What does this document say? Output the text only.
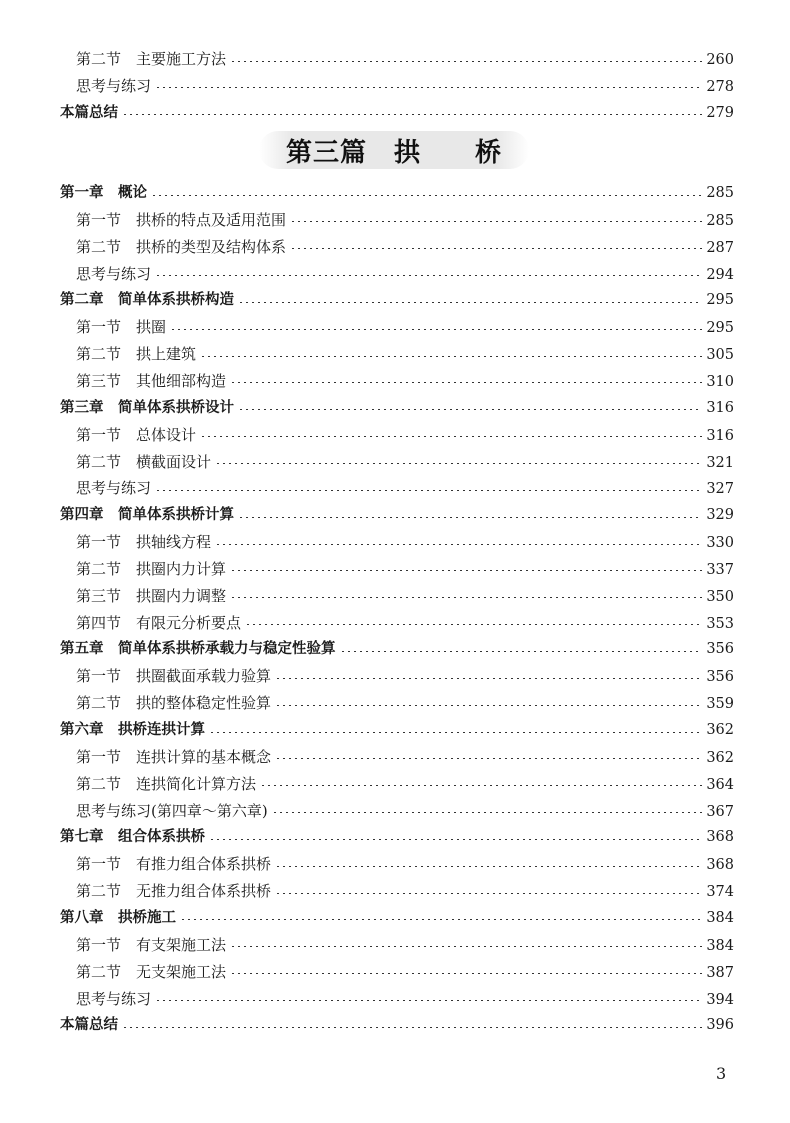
第二节　主要施工方法	260
思考与练习	278
本篇总结	279
第一章　概论	285
第一节　拱桥的特点及适用范围	285
第二节　拱桥的类型及结构体系	287
思考与练习	294
第二章　简单体系拱桥构造	295
第一节　拱圈	295
第二节　拱上建筑	305
第三节　其他细部构造	310
第三章　简单体系拱桥设计	316
第一节　总体设计	316
第二节　横截面设计	321
思考与练习	327
第四章　简单体系拱桥计算	329
第一节　拱轴线方程	330
第二节　拱圈内力计算	337
第三节　拱圈内力调整	350
第四节　有限元分析要点	353
第五章　简单体系拱桥承载力与稳定性验算	356
第一节　拱圈截面承载力验算	356
第二节　拱的整体稳定性验算	359
第六章　拱桥连拱计算	362
第一节　连拱计算的基本概念	362
第二节　连拱简化计算方法	364
思考与练习(第四章～第六章)	367
第七章　组合体系拱桥	368
第一节　有推力组合体系拱桥	368
第二节　无推力组合体系拱桥	374
第八章　拱桥施工	384
第一节　有支架施工法	384
第二节　无支架施工法	387
思考与练习	394
本篇总结	396
第三篇　拱　　桥
3
